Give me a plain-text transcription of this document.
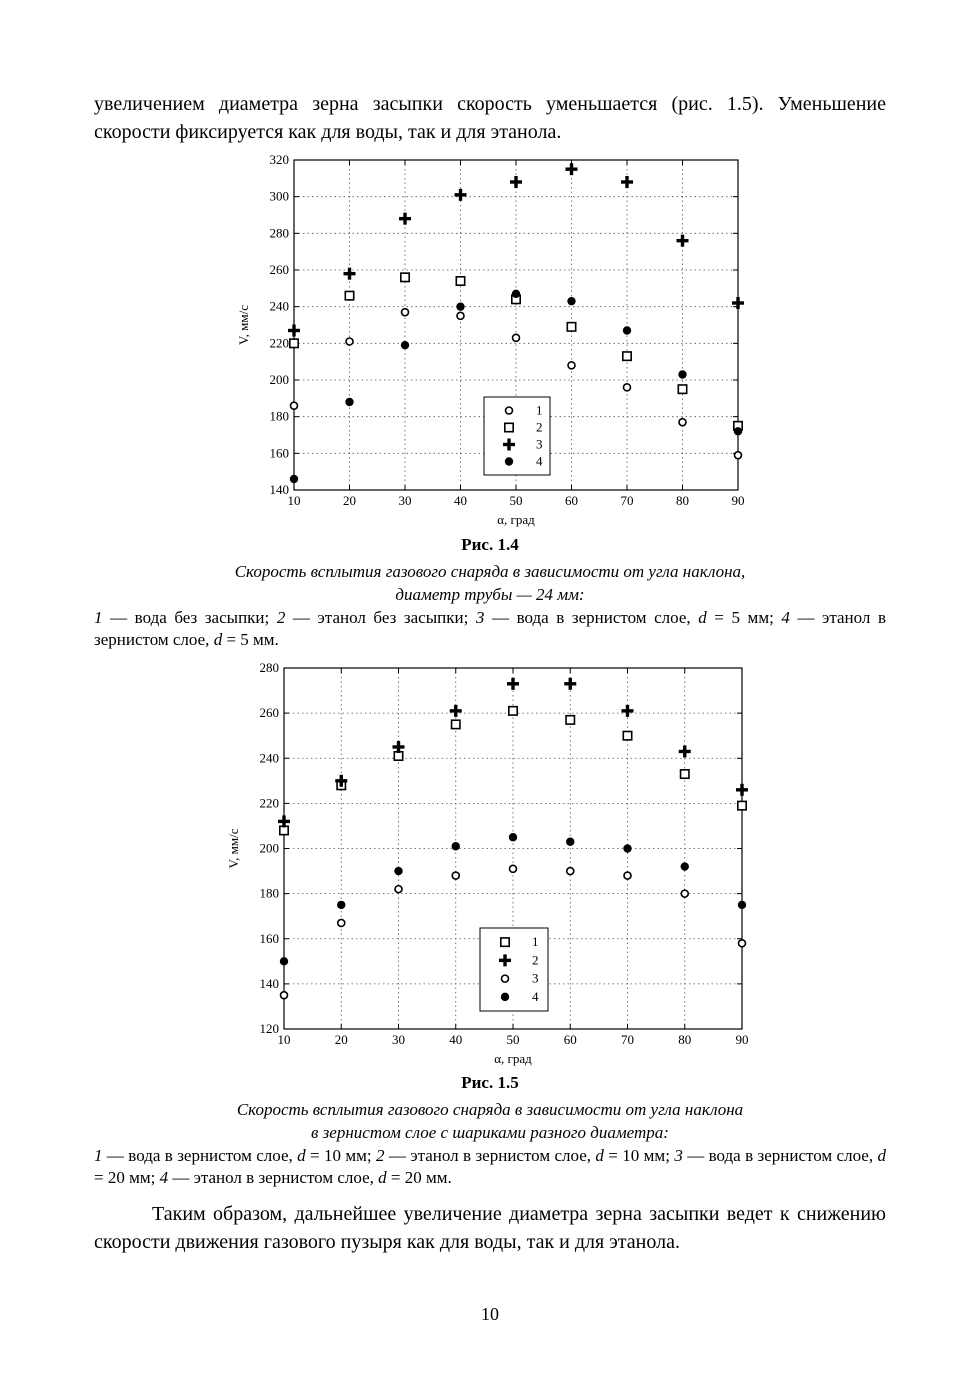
увеличением диаметра зерна засыпки скорость уменьшается (рис. 1.5). Уменьшение скорости фиксируется как для воды, так и для этанола.

10	20	30	40	50	60	70	80	90
140
160
180
200
220
240
260
280
300
320
α, град
V, мм/с
1
2
3
4

Рис. 1.4

Скорость всплытия газового снаряда в зависимости от угла наклона,

диаметр трубы — 24 мм:

1 — вода без засыпки; 2 — этанол без засыпки; 3 — вода в зернистом слое, d = 5 мм; 4 — этанол в зернистом слое, d = 5 мм.

10	20	30	40	50	60	70	80	90
120
140
160
180
200
220
240
260
280
α, град
V, мм/с
1
2
3
4

Рис. 1.5

Скорость всплытия газового снаряда в зависимости от угла наклона

в зернистом слое с шариками разного диаметра:

1 — вода в зернистом слое, d = 10 мм; 2 — этанол в зернистом слое, d = 10 мм; 3 — вода в зернистом слое, d = 20 мм; 4 — этанол в зернистом слое, d = 20 мм.

Таким образом, дальнейшее увеличение диаметра зерна засыпки ведет к снижению скорости движения газового пузыря как для воды, так и для этанола.

10
